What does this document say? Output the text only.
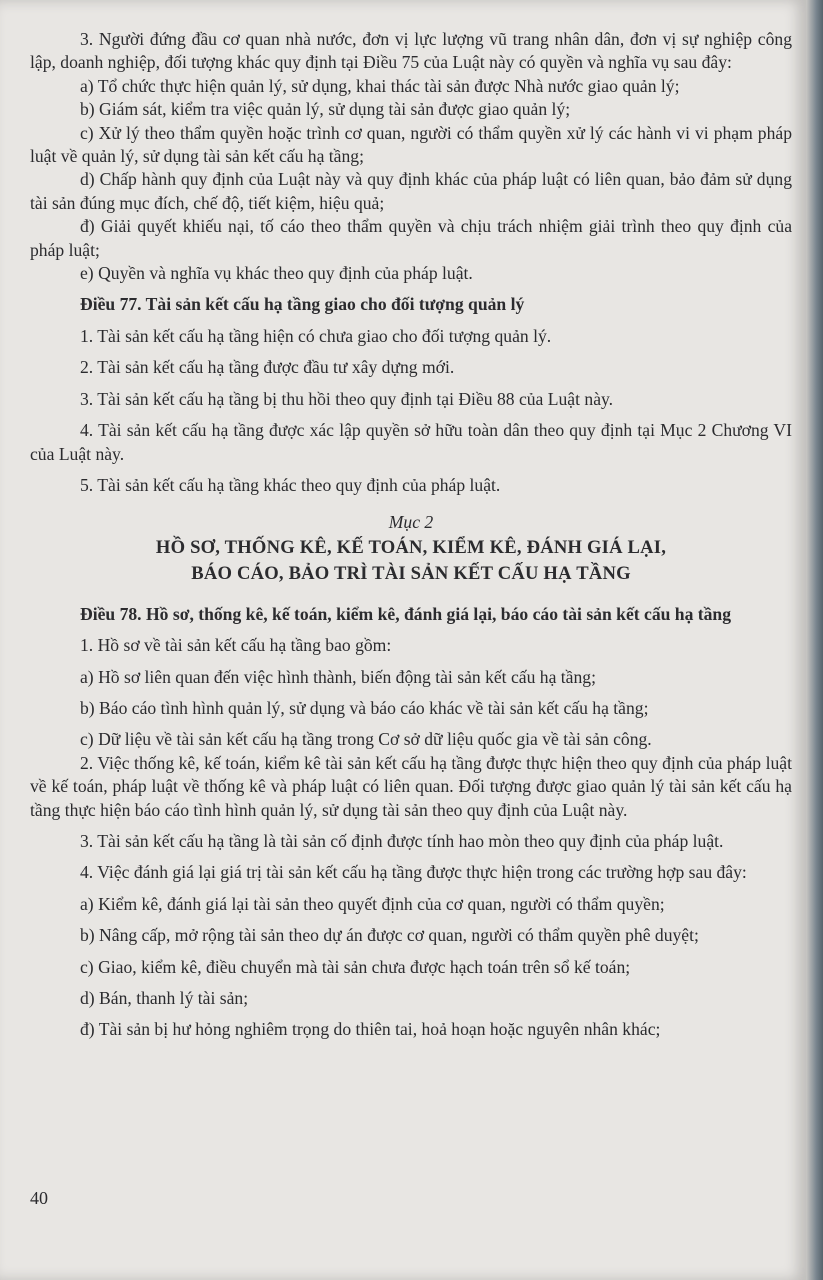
3. Người đứng đầu cơ quan nhà nước, đơn vị lực lượng vũ trang nhân dân, đơn vị sự nghiệp công lập, doanh nghiệp, đối tượng khác quy định tại Điều 75 của Luật này có quyền và nghĩa vụ sau đây:

a) Tổ chức thực hiện quản lý, sử dụng, khai thác tài sản được Nhà nước giao quản lý;

b) Giám sát, kiểm tra việc quản lý, sử dụng tài sản được giao quản lý;

c) Xử lý theo thẩm quyền hoặc trình cơ quan, người có thẩm quyền xử lý các hành vi vi phạm pháp luật về quản lý, sử dụng tài sản kết cấu hạ tầng;

d) Chấp hành quy định của Luật này và quy định khác của pháp luật có liên quan, bảo đảm sử dụng tài sản đúng mục đích, chế độ, tiết kiệm, hiệu quả;

đ) Giải quyết khiếu nại, tố cáo theo thẩm quyền và chịu trách nhiệm giải trình theo quy định của pháp luật;

e) Quyền và nghĩa vụ khác theo quy định của pháp luật.

Điều 77. Tài sản kết cấu hạ tầng giao cho đối tượng quản lý

1. Tài sản kết cấu hạ tầng hiện có chưa giao cho đối tượng quản lý.

2. Tài sản kết cấu hạ tầng được đầu tư xây dựng mới.

3. Tài sản kết cấu hạ tầng bị thu hồi theo quy định tại Điều 88 của Luật này.

4. Tài sản kết cấu hạ tầng được xác lập quyền sở hữu toàn dân theo quy định tại Mục 2 Chương VI của Luật này.

5. Tài sản kết cấu hạ tầng khác theo quy định của pháp luật.

Mục 2

HỒ SƠ, THỐNG KÊ, KẾ TOÁN, KIỂM KÊ, ĐÁNH GIÁ LẠI,

BÁO CÁO, BẢO TRÌ TÀI SẢN KẾT CẤU HẠ TẦNG

Điều 78. Hồ sơ, thống kê, kế toán, kiểm kê, đánh giá lại, báo cáo tài sản kết cấu hạ tầng

1. Hồ sơ về tài sản kết cấu hạ tầng bao gồm:

a) Hồ sơ liên quan đến việc hình thành, biến động tài sản kết cấu hạ tầng;

b) Báo cáo tình hình quản lý, sử dụng và báo cáo khác về tài sản kết cấu hạ tầng;

c) Dữ liệu về tài sản kết cấu hạ tầng trong Cơ sở dữ liệu quốc gia về tài sản công.

2. Việc thống kê, kế toán, kiểm kê tài sản kết cấu hạ tầng được thực hiện theo quy định của pháp luật về kế toán, pháp luật về thống kê và pháp luật có liên quan. Đối tượng được giao quản lý tài sản kết cấu hạ tầng thực hiện báo cáo tình hình quản lý, sử dụng tài sản theo quy định của Luật này.

3. Tài sản kết cấu hạ tầng là tài sản cố định được tính hao mòn theo quy định của pháp luật.

4. Việc đánh giá lại giá trị tài sản kết cấu hạ tầng được thực hiện trong các trường hợp sau đây:

a) Kiểm kê, đánh giá lại tài sản theo quyết định của cơ quan, người có thẩm quyền;

b) Nâng cấp, mở rộng tài sản theo dự án được cơ quan, người có thẩm quyền phê duyệt;

c) Giao, kiểm kê, điều chuyển mà tài sản chưa được hạch toán trên sổ kế toán;

d) Bán, thanh lý tài sản;

đ) Tài sản bị hư hỏng nghiêm trọng do thiên tai, hoả hoạn hoặc nguyên nhân khác;

40
